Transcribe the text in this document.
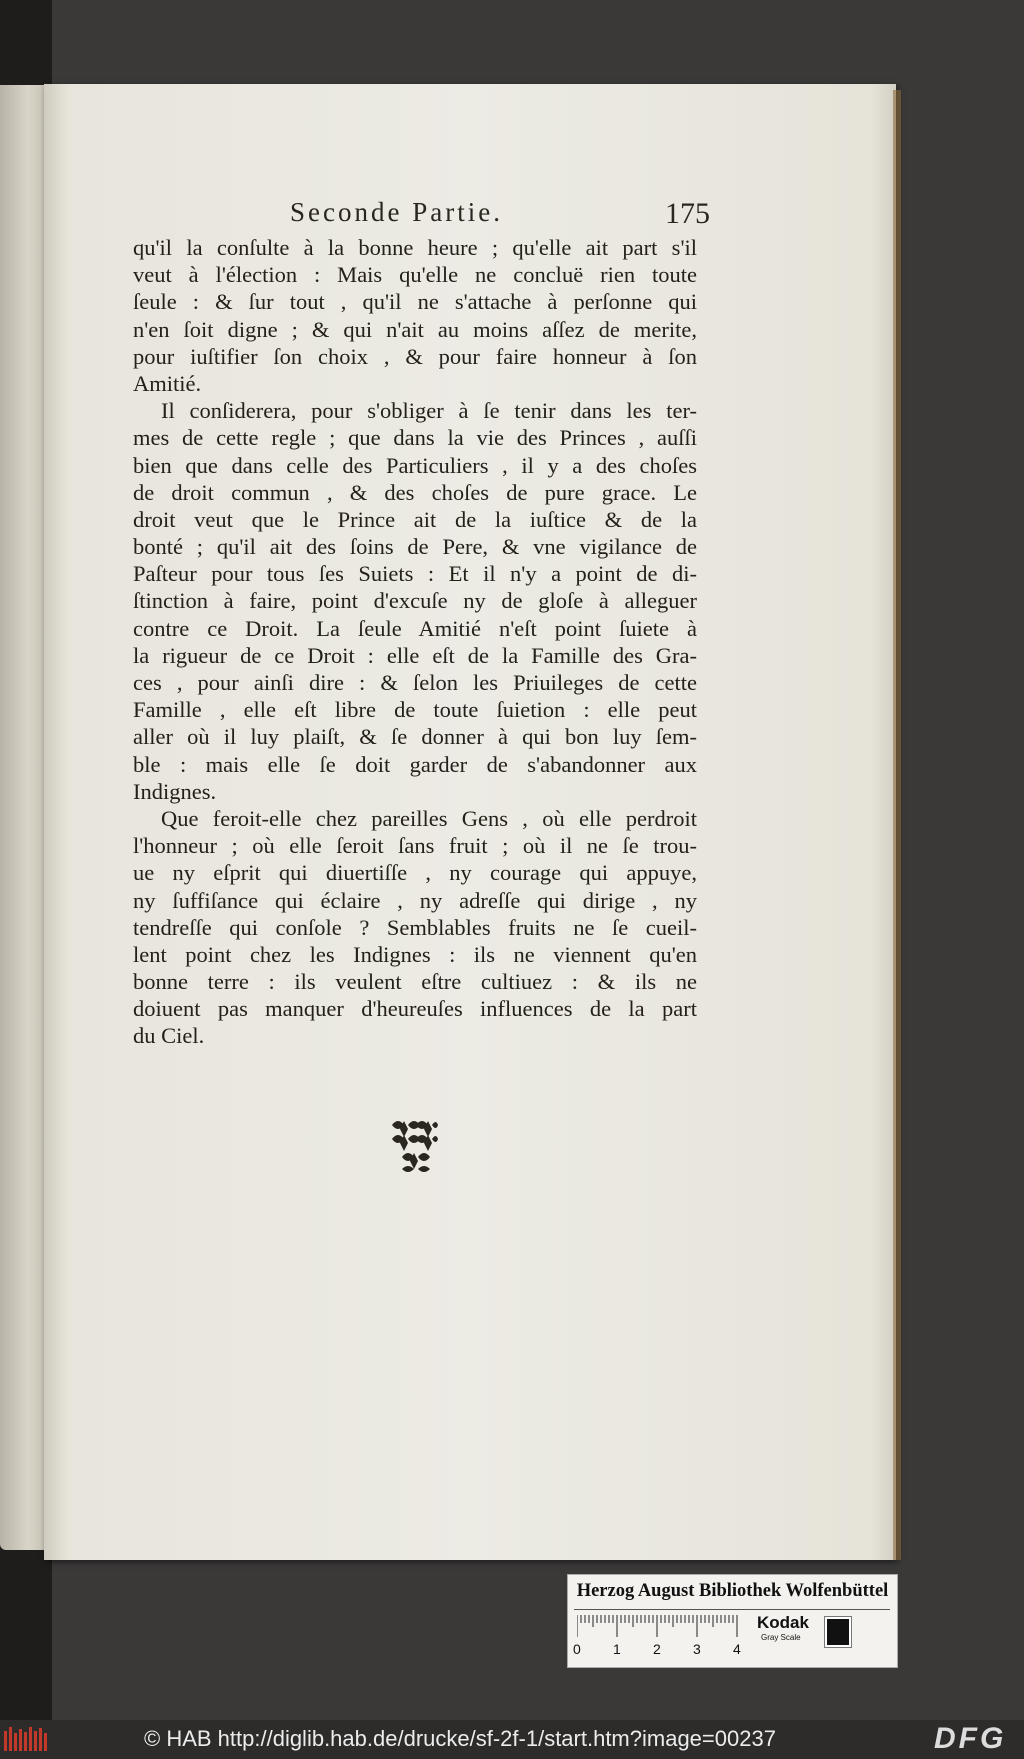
Seconde Partie.	175
qu'il la conſulte à la bonne heure ; qu'elle ait part s'il
veut à l'élection : Mais qu'elle ne concluë rien toute
ſeule : & ſur tout , qu'il ne s'attache à perſonne qui
n'en ſoit digne ; & qui n'ait au moins aſſez de merite,
pour iuſtifier ſon choix , & pour faire honneur à ſon
Amitié.
Il conſiderera, pour s'obliger à ſe tenir dans les ter-
mes de cette regle ; que dans la vie des Princes , auſſi
bien que dans celle des Particuliers , il y a des choſes
de droit commun , & des choſes de pure grace. Le
droit veut que le Prince ait de la iuſtice & de la
bonté ; qu'il ait des ſoins de Pere, & vne vigilance de
Paſteur pour tous ſes Suiets : Et il n'y a point de di-
ſtinction à faire, point d'excuſe ny de gloſe à alleguer
contre ce Droit. La ſeule Amitié n'eſt point ſuiete à
la rigueur de ce Droit : elle eſt de la Famille des Gra-
ces , pour ainſi dire : & ſelon les Priuileges de cette
Famille , elle eſt libre de toute ſuietion : elle peut
aller où il luy plaiſt, & ſe donner à qui bon luy ſem-
ble : mais elle ſe doit garder de s'abandonner aux
Indignes.
Que feroit-elle chez pareilles Gens , où elle perdroit
l'honneur ; où elle ſeroit ſans fruit ; où il ne ſe trou-
ue ny eſprit qui diuertiſſe , ny courage qui appuye,
ny ſuffiſance qui éclaire , ny adreſſe qui dirige , ny
tendreſſe qui conſole ? Semblables fruits ne ſe cueil-
lent point chez les Indignes : ils ne viennent qu'en
bonne terre : ils veulent eſtre cultiuez : & ils ne
doiuent pas manquer d'heureuſes influences de la part
du Ciel.
Herzog August Bibliothek Wolfenbüttel
0 1 2 3 4
Kodak
Gray Scale
© HAB http://diglib.hab.de/drucke/sf-2f-1/start.htm?image=00237	DFG
